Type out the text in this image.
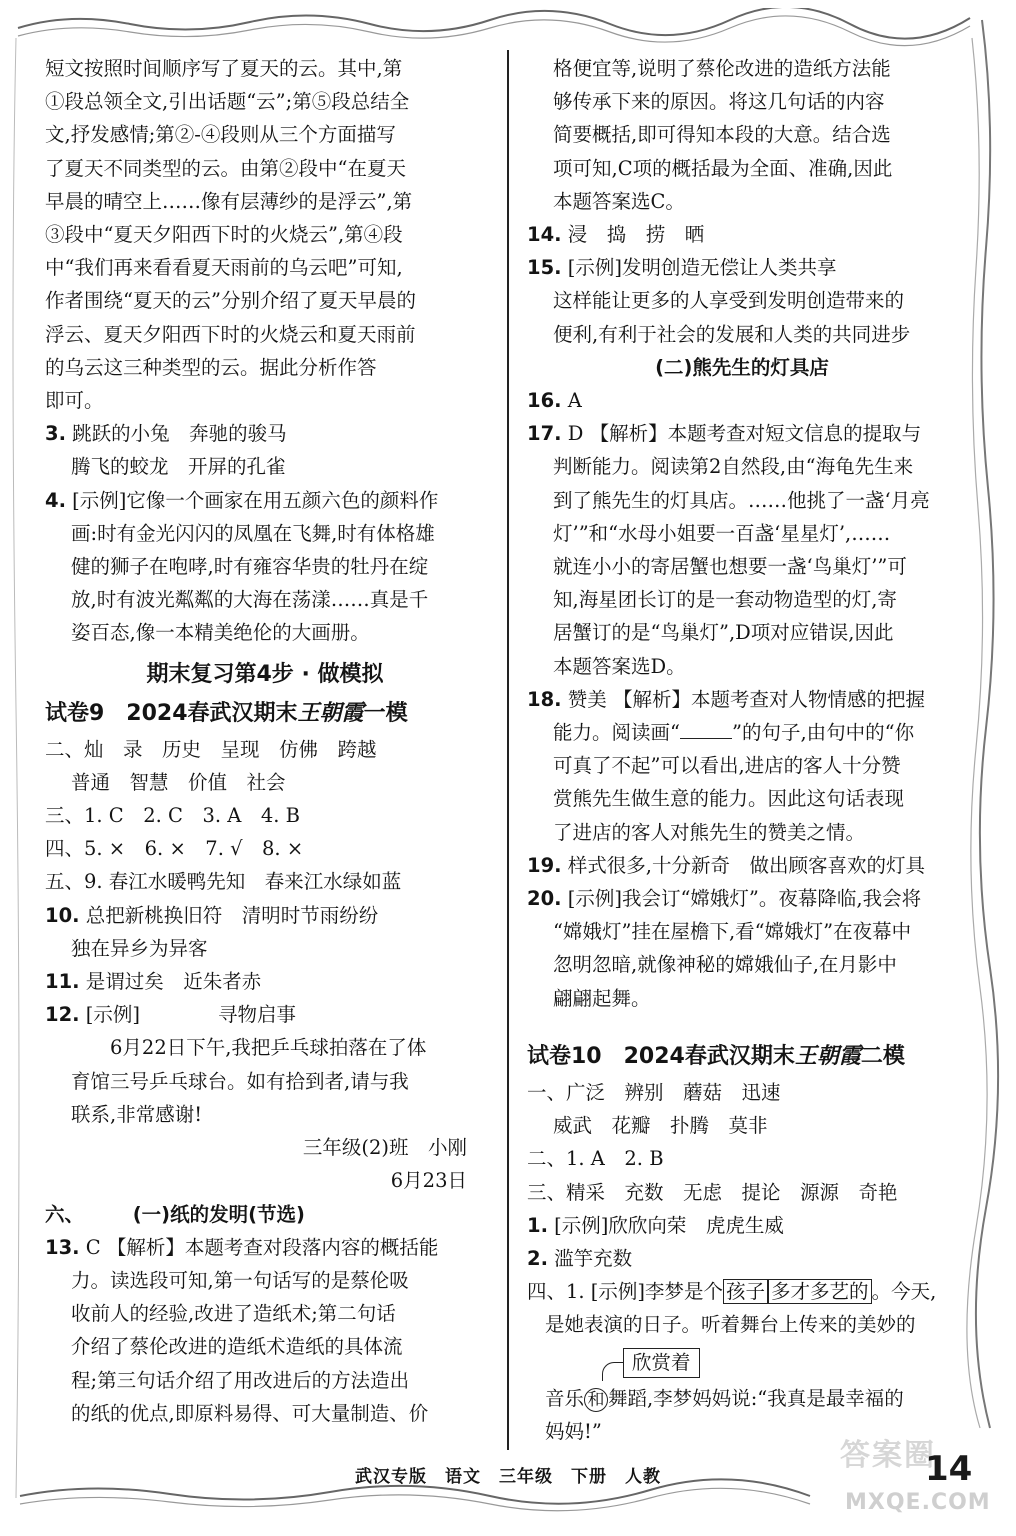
短文按照时间顺序写了夏天的云。其中,第
①段总领全文,引出话题“云”;第⑤段总结全
文,抒发感情;第②-④段则从三个方面描写
了夏天不同类型的云。由第②段中“在夏天
早晨的晴空上……像有层薄纱的是浮云”,第
③段中“夏天夕阳西下时的火烧云”,第④段
中“我们再来看看夏天雨前的乌云吧”可知,
作者围绕“夏天的云”分别介绍了夏天早晨的
浮云、夏天夕阳西下时的火烧云和夏天雨前
的乌云这三种类型的云。据此分析作答
即可。
3. 跳跃的小兔　奔驰的骏马
腾飞的蛟龙　开屏的孔雀
4. [示例]它像一个画家在用五颜六色的颜料作
画:时有金光闪闪的凤凰在飞舞,时有体格雄
健的狮子在咆哮,时有雍容华贵的牡丹在绽
放,时有波光粼粼的大海在荡漾……真是千
姿百态,像一本精美绝伦的大画册。
期末复习第4步 · 做模拟
试卷9　2024春武汉期末王朝霞一模
二、灿　录　历史　呈现　仿佛　跨越
普通　智慧　价值　社会
三、1. C　2. C　3. A　4. B
四、5. ×　6. ×　7. √　8. ×
五、9. 春江水暖鸭先知　春来江水绿如蓝
10. 总把新桃换旧符　清明时节雨纷纷
独在异乡为异客
11. 是谓过矣　近朱者赤
12. [示例]　　　　寻物启事
　　6月22日下午,我把乒乓球拍落在了体
育馆三号乒乓球台。如有拾到者,请与我
联系,非常感谢!
三年级(2)班　小刚
6月23日　
六、　　　(一)纸的发明(节选)
13. C 【解析】本题考查对段落内容的概括能
力。读选段可知,第一句话写的是蔡伦吸
收前人的经验,改进了造纸术;第二句话
介绍了蔡伦改进的造纸术造纸的具体流
程;第三句话介绍了用改进后的方法造出
的纸的优点,即原料易得、可大量制造、价
格便宜等,说明了蔡伦改进的造纸方法能
够传承下来的原因。将这几句话的内容
简要概括,即可得知本段的大意。结合选
项可知,C项的概括最为全面、准确,因此
本题答案选C。
14. 浸　捣　捞　晒
15. [示例]发明创造无偿让人类共享
这样能让更多的人享受到发明创造带来的
便利,有利于社会的发展和人类的共同进步
(二)熊先生的灯具店
16. A
17. D 【解析】本题考查对短文信息的提取与
判断能力。阅读第2自然段,由“海龟先生来
到了熊先生的灯具店。……他挑了一盏‘月亮
灯’”和“水母小姐要一百盏‘星星灯’,……
就连小小的寄居蟹也想要一盏‘鸟巢灯’”可
知,海星团长订的是一套动物造型的灯,寄
居蟹订的是“鸟巢灯”,D项对应错误,因此
本题答案选D。
18. 赞美 【解析】本题考查对人物情感的把握
能力。阅读画“	”的句子,由句中的“你
可真了不起”可以看出,进店的客人十分赞
赏熊先生做生意的能力。因此这句话表现
了进店的客人对熊先生的赞美之情。
19. 样式很多,十分新奇　做出顾客喜欢的灯具
20. [示例]我会订“嫦娥灯”。夜幕降临,我会将
“嫦娥灯”挂在屋檐下,看“嫦娥灯”在夜幕中
忽明忽暗,就像神秘的嫦娥仙子,在月影中
翩翩起舞。
试卷10　2024春武汉期末王朝霞二模
一、广泛　辨别　蘑菇　迅速
威武　花瓣　扑腾　莫非
二、1. A　2. B
三、精采　充数　无虑　提论　源源　奇艳
1. [示例]欣欣向荣　虎虎生威
2. 滥竽充数
四、1. [示例]李梦是个 孩子 多才多艺的 。今天,
是她表演的日子。听着舞台上传来的美妙的
欣赏着
音乐 和 舞蹈,李梦妈妈说:“我真是最幸福的
妈妈!”
答案圈
MXQE.COM
武汉专版　语文　三年级　下册　人教	14
